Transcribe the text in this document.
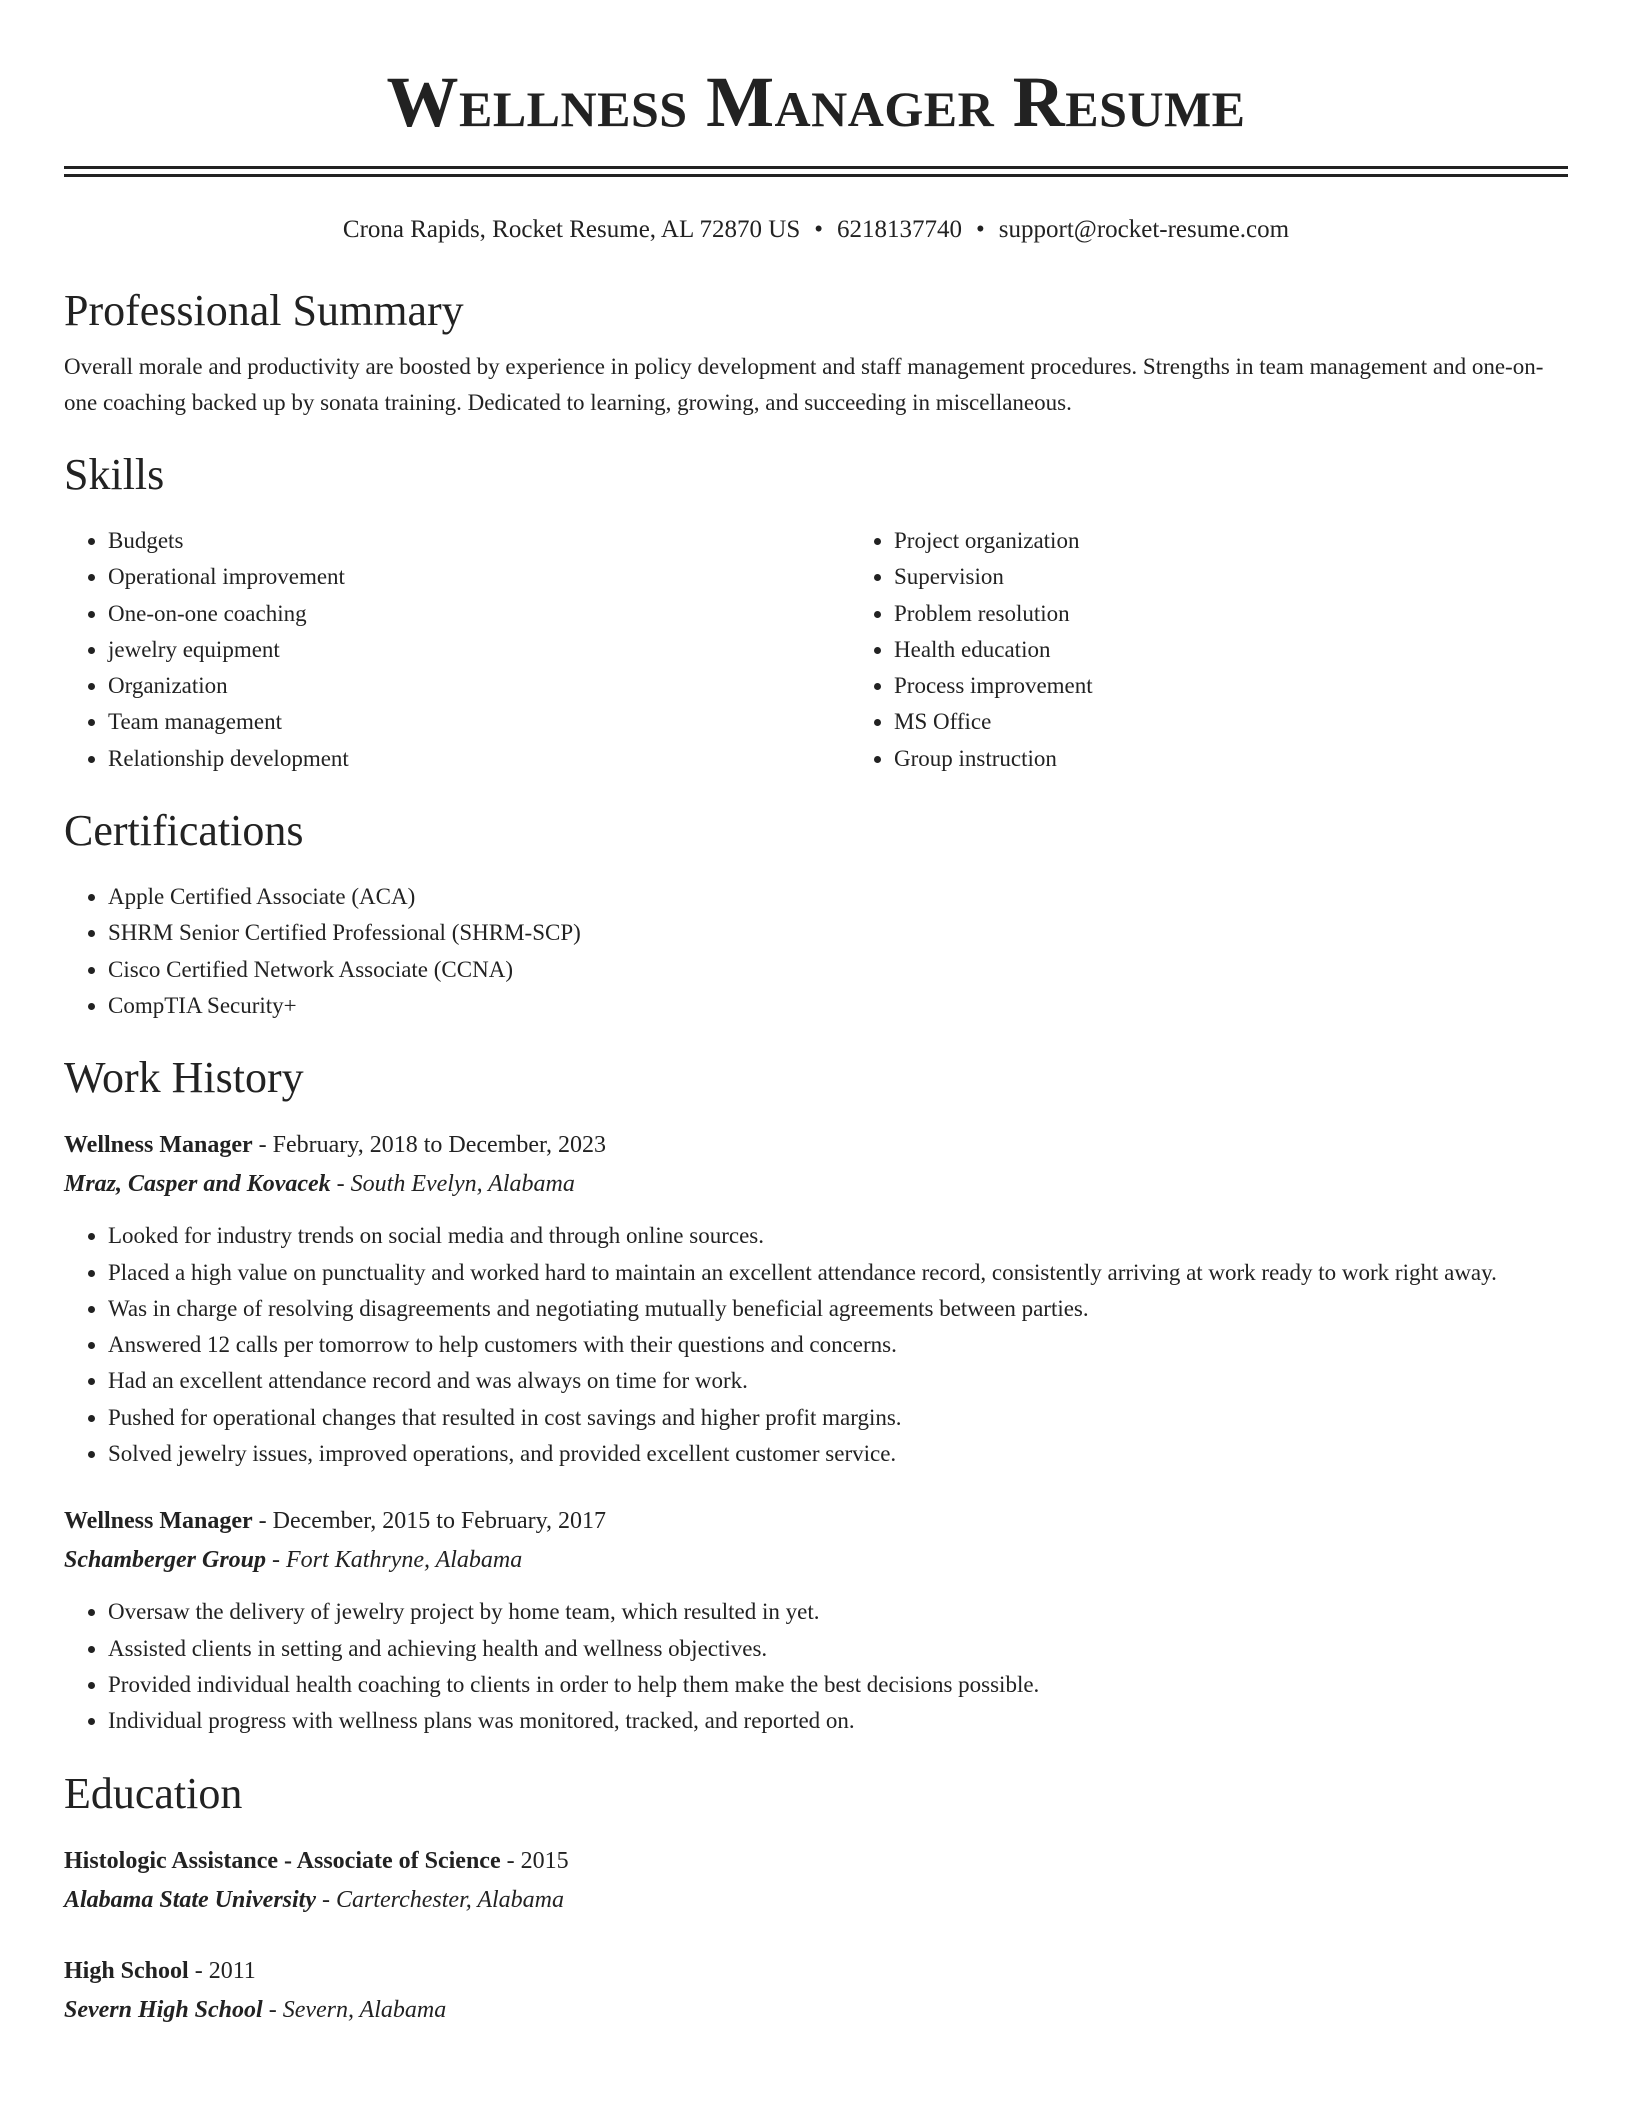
Wellness Manager Resume
Crona Rapids, Rocket Resume, AL 72870 US • 6218137740 • support@rocket-resume.com
Professional Summary

Overall morale and productivity are boosted by experience in policy development and staff management procedures. Strengths in team management and one-on-one coaching backed up by sonata training. Dedicated to learning, growing, and succeeding in miscellaneous.

Skills
• Budgets
• Operational improvement
• One-on-one coaching
• jewelry equipment
• Organization
• Team management
• Relationship development
• Project organization
• Supervision
• Problem resolution
• Health education
• Process improvement
• MS Office
• Group instruction
Certifications
• Apple Certified Associate (ACA)
• SHRM Senior Certified Professional (SHRM-SCP)
• Cisco Certified Network Associate (CCNA)
• CompTIA Security+
Work History
Wellness Manager - February, 2018 to December, 2023
Mraz, Casper and Kovacek - South Evelyn, Alabama
• Looked for industry trends on social media and through online sources.
• Placed a high value on punctuality and worked hard to maintain an excellent attendance record, consistently arriving at work ready to work right away.
• Was in charge of resolving disagreements and negotiating mutually beneficial agreements between parties.
• Answered 12 calls per tomorrow to help customers with their questions and concerns.
• Had an excellent attendance record and was always on time for work.
• Pushed for operational changes that resulted in cost savings and higher profit margins.
• Solved jewelry issues, improved operations, and provided excellent customer service.
Wellness Manager - December, 2015 to February, 2017
Schamberger Group - Fort Kathryne, Alabama
• Oversaw the delivery of jewelry project by home team, which resulted in yet.
• Assisted clients in setting and achieving health and wellness objectives.
• Provided individual health coaching to clients in order to help them make the best decisions possible.
• Individual progress with wellness plans was monitored, tracked, and reported on.
Education
Histologic Assistance - Associate of Science - 2015
Alabama State University - Carterchester, Alabama
High School - 2011
Severn High School - Severn, Alabama
